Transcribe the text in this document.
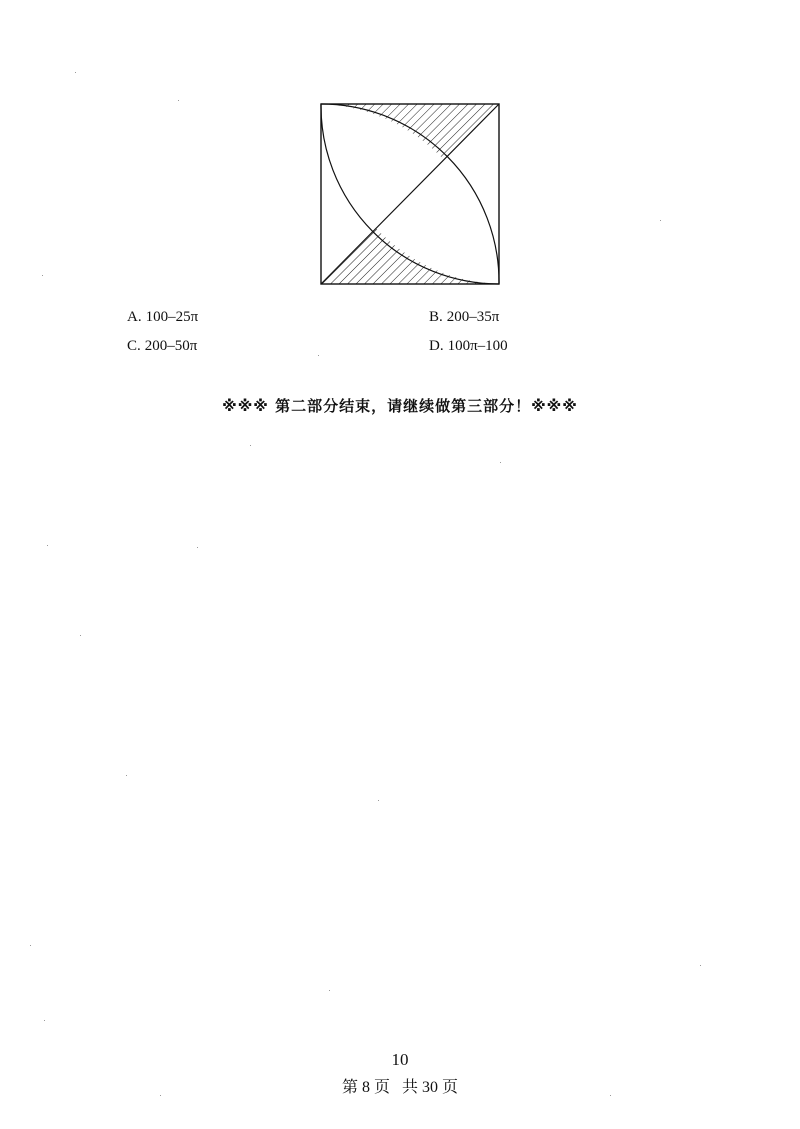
A. 100–25π	B. 200–35π
C. 200–50π	D. 100π–100
※※※ 第二部分结束，请继续做第三部分！※※※
10
第 8 页   共 30 页
